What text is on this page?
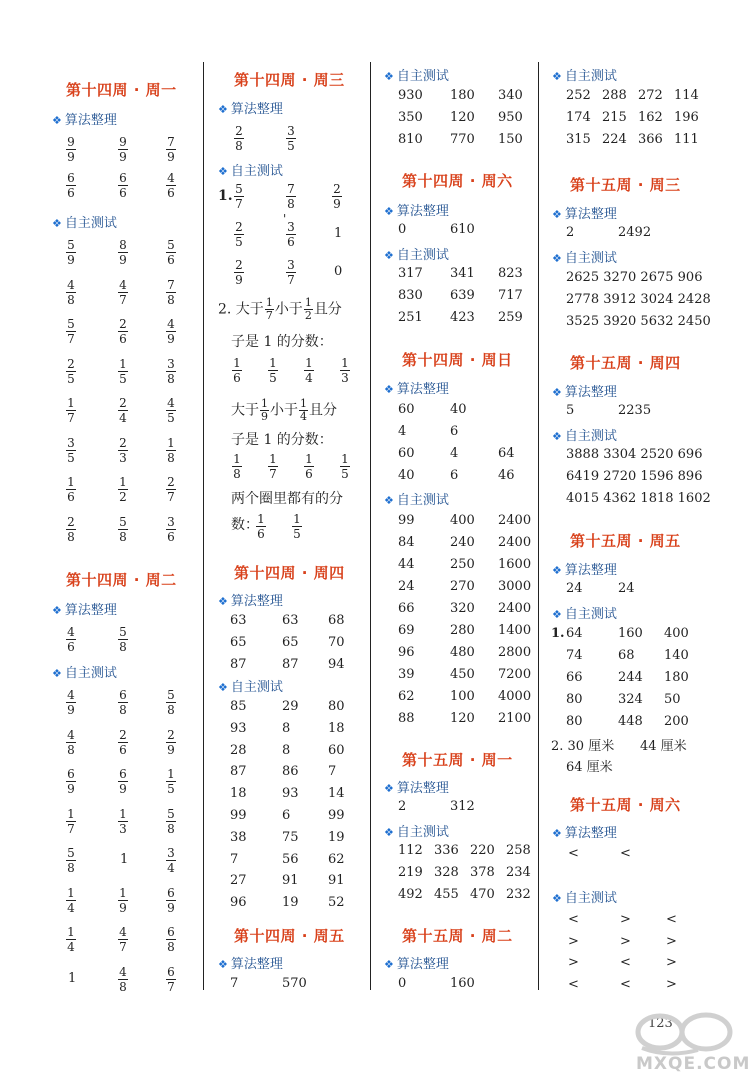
第十四周 · 周一
❖ 算法整理
$\frac{9}{9}$	$\frac{9}{9}$	$\frac{7}{9}$
$\frac{6}{6}$	$\frac{6}{6}$	$\frac{4}{6}$
❖ 自主测试
$\frac{5}{9}$	$\frac{8}{9}$	$\frac{5}{6}$
$\frac{4}{8}$	$\frac{4}{7}$	$\frac{7}{8}$
$\frac{5}{7}$	$\frac{2}{6}$	$\frac{4}{9}$
$\frac{2}{5}$	$\frac{1}{5}$	$\frac{3}{8}$
$\frac{1}{7}$	$\frac{2}{4}$	$\frac{4}{5}$
$\frac{3}{5}$	$\frac{2}{3}$	$\frac{1}{8}$
$\frac{1}{6}$	$\frac{1}{2}$	$\frac{2}{7}$
$\frac{2}{8}$	$\frac{5}{8}$	$\frac{3}{6}$
第十四周 · 周二
❖ 算法整理
$\frac{4}{6}$	$\frac{5}{8}$
❖ 自主测试
$\frac{4}{9}$	$\frac{6}{8}$	$\frac{5}{8}$
$\frac{4}{8}$	$\frac{2}{6}$	$\frac{2}{9}$
$\frac{6}{9}$	$\frac{6}{9}$	$\frac{1}{5}$
$\frac{1}{7}$	$\frac{1}{3}$	$\frac{5}{8}$
$\frac{5}{8}$	1	$\frac{3}{4}$
$\frac{1}{4}$	$\frac{1}{9}$	$\frac{6}{9}$
$\frac{1}{4}$	$\frac{4}{7}$	$\frac{6}{8}$
1	$\frac{4}{8}$	$\frac{6}{7}$
第十四周 · 周三
❖ 算法整理
$\frac{2}{8}$	$\frac{3}{5}$
❖ 自主测试
1. $\frac{5}{7}$	$\frac{7}{8}$	$\frac{2}{9}$
$\frac{2}{5}$	$\frac{3}{6}$	1
$\frac{2}{9}$	$\frac{3}{7}$	0
'
2. 大于 $\frac{1}{7}$ 小于 $\frac{1}{2}$ 且分
子是 1 的分数：
$\frac{1}{6} \frac{1}{5} \frac{1}{4} \frac{1}{3}$
大于 $\frac{1}{9}$ 小于 $\frac{1}{4}$ 且分
子是 1 的分数：
$\frac{1}{8} \frac{1}{7} \frac{1}{6} \frac{1}{5}$
两个圈里都有的分
数：
$\frac{1}{6} \frac{1}{5}$
第十四周 · 周四
❖ 算法整理
63	63 68
65	65 70
87	87 94
❖ 自主测试
85	29 80
93	8	18
28	8	60
87	86 7
18	93 14
99	6	99
38	75 19
7	56 62
27	91 91
96	19 52
第十四周 · 周五
❖ 算法整理
7	570
❖ 自主测试
930 180 340
350 120 950
810 770 150
第十四周 · 周六
❖ 算法整理
0	610
❖ 自主测试
317 341 823
830 639 717
251 423 259
第十四周 · 周日
❖ 算法整理
60	40
4	6
60	4	64
40	6	46
❖ 自主测试
99	400 2400
84	240 2400
44	250 1600
24	270 3000
66	320 2400
69	280 1400
96	480 2800
39	450 7200
62	100 4000
88	120 2100
第十五周 · 周一
❖ 算法整理
2	312
❖ 自主测试
112 336 220 258
219 328 378 234
492 455 470 232
第十五周 · 周二
❖ 算法整理
0	160
❖ 自主测试
252 288 272 114
174 215 162 196
315 224 366 111
第十五周 · 周三
❖ 算法整理
2	2492
❖ 自主测试
2625 3270 2675 906
2778 3912 3024 2428
3525 3920 5632 2450
第十五周 · 周四
❖ 算法整理
5	2235
❖ 自主测试
3888 3304 2520 696
6419 2720 1596 896
4015 4362 1818 1602
第十五周 · 周五
❖ 算法整理
24	24
❖ 自主测试
1. 64	160 400
74	68 140
66	244 180
80	324 50
80	448 200
2. 30 厘米 44 厘米
64 厘米
第十五周 · 周六
❖ 算法整理
<	<
❖ 自主测试
<	>	<
>	>	>
>	<	>
<	<	>
123
MXQE.COM
